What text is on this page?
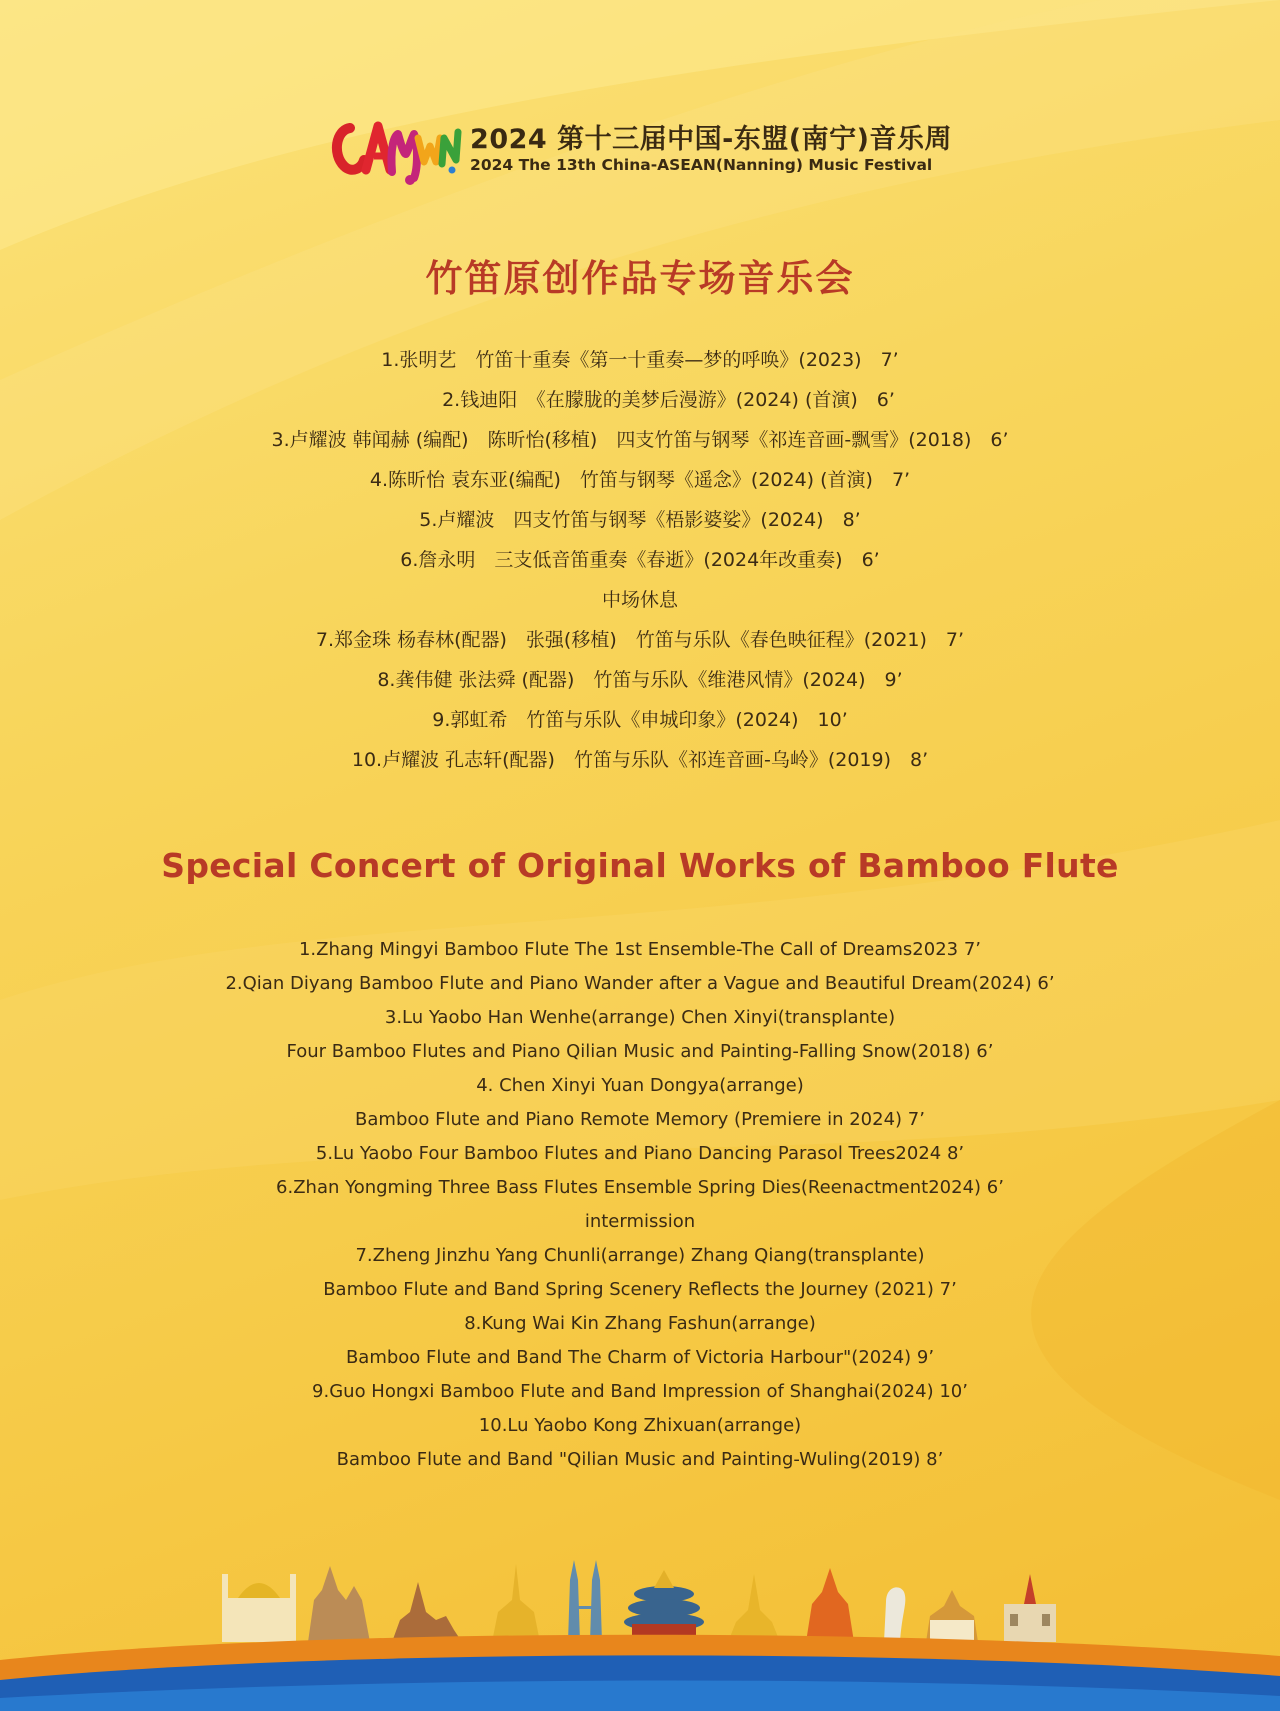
2024 第十三届中国-东盟(南宁)音乐周
2024 The 13th China-ASEAN(Nanning) Music Festival
竹笛原创作品专场音乐会
1.张明艺　竹笛十重奏《第一十重奏—梦的呼唤》(2023)　7’
　　　2.钱迪阳　《在朦胧的美梦后漫游》(2024) (首演)　6’
3.卢耀波 韩闻赫 (编配)　陈昕怡(移植)　四支竹笛与钢琴《祁连音画-飘雪》(2018)　6’
4.陈昕怡 袁东亚(编配)　竹笛与钢琴《遥念》(2024) (首演)　7’
5.卢耀波　四支竹笛与钢琴《梧影婆娑》(2024)　8’
6.詹永明　三支低音笛重奏《春逝》(2024年改重奏)　6’
中场休息
7.郑金珠 杨春林(配器)　张强(移植)　竹笛与乐队《春色映征程》(2021)　7’
8.龚伟健 张法舜 (配器)　竹笛与乐队《维港风情》(2024)　9’
9.郭虹希　竹笛与乐队《申城印象》(2024)　10’
10.卢耀波 孔志轩(配器)　竹笛与乐队《祁连音画-乌岭》(2019)　8’
Special Concert of Original Works of Bamboo Flute
1.Zhang Mingyi Bamboo Flute The 1st Ensemble-The Call of Dreams2023 7’
2.Qian Diyang Bamboo Flute and Piano Wander after a Vague and Beautiful Dream(2024) 6’
3.Lu Yaobo Han Wenhe(arrange) Chen Xinyi(transplante)
Four Bamboo Flutes and Piano Qilian Music and Painting-Falling Snow(2018) 6’
4. Chen Xinyi Yuan Dongya(arrange)
Bamboo Flute and Piano Remote Memory (Premiere in 2024) 7’
5.Lu Yaobo Four Bamboo Flutes and Piano Dancing Parasol Trees2024 8’
6.Zhan Yongming Three Bass Flutes Ensemble Spring Dies(Reenactment2024) 6’
intermission
7.Zheng Jinzhu Yang Chunli(arrange) Zhang Qiang(transplante)
Bamboo Flute and Band Spring Scenery Reflects the Journey (2021) 7’
8.Kung Wai Kin Zhang Fashun(arrange)
Bamboo Flute and Band The Charm of Victoria Harbour"(2024) 9’
9.Guo Hongxi Bamboo Flute and Band Impression of Shanghai(2024) 10’
10.Lu Yaobo Kong Zhixuan(arrange)
Bamboo Flute and Band "Qilian Music and Painting-Wuling(2019) 8’
